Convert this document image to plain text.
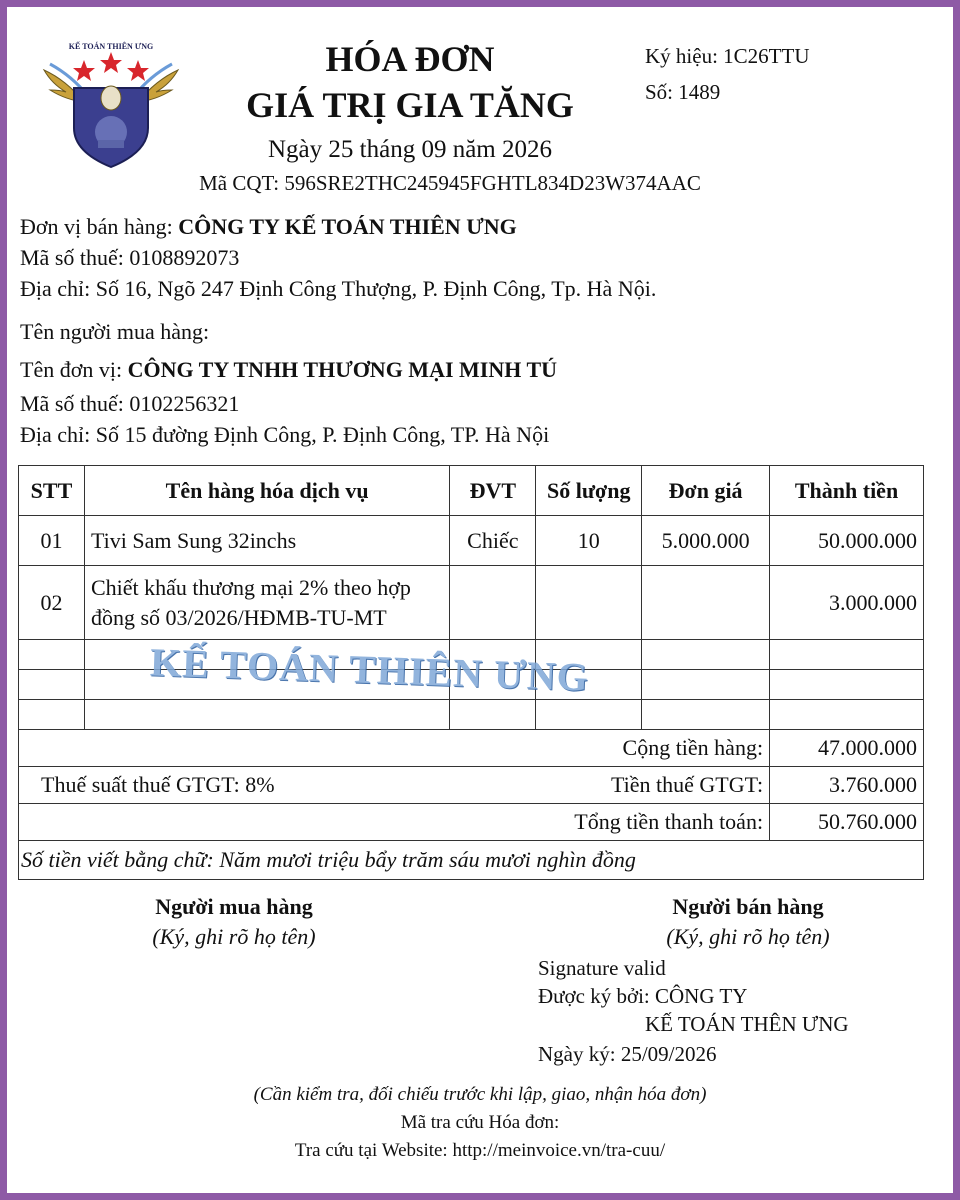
KẾ TOÁN THIÊN ƯNG	HÓA ĐƠN
GIÁ TRỊ GIA TĂNG
Ngày 25 tháng 09 năm 2026
Mã CQT: 596SRE2THC245945FGHTL834D23W374AAC
Ký hiệu: 1C26TTU
Số: 1489
Đơn vị bán hàng: CÔNG TY KẾ TOÁN THIÊN ƯNG
Mã số thuế: 0108892073
Địa chỉ: Số 16, Ngõ 247 Định Công Thượng, P. Định Công, Tp. Hà Nội.
Tên người mua hàng:
Tên đơn vị: CÔNG TY TNHH THƯƠNG MẠI MINH TÚ
Mã số thuế: 0102256321
Địa chỉ: Số 15 đường Định Công, P. Định Công, TP. Hà Nội
STT	Tên hàng hóa dịch vụ	ĐVT	Số lượng	Đơn giá	Thành tiền
01	Tivi Sam Sung 32inchs	Chiếc	10	5.000.000	50.000.000
02	Chiết khấu thương mại 2% theo hợp đồng số 03/2026/HĐMB-TU-MT				3.000.000

Cộng tiền hàng:					47.000.000
Thuế suất thuế GTGT: 8% Tiền thuế GTGT:					3.760.000
Tổng tiền thanh toán:					50.760.000
Số tiền viết bằng chữ: Năm mươi triệu bẩy trăm sáu mươi nghìn đồng					
KẾ TOÁN THIÊN ƯNG
Người mua hàng
(Ký, ghi rõ họ tên)
Người bán hàng
(Ký, ghi rõ họ tên)
Signature valid
Được ký bởi: CÔNG TY
KẾ TOÁN THÊN ƯNG
Ngày ký: 25/09/2026
(Cần kiểm tra, đối chiếu trước khi lập, giao, nhận hóa đơn)
Mã tra cứu Hóa đơn:
Tra cứu tại Website: http://meinvoice.vn/tra-cuu/
